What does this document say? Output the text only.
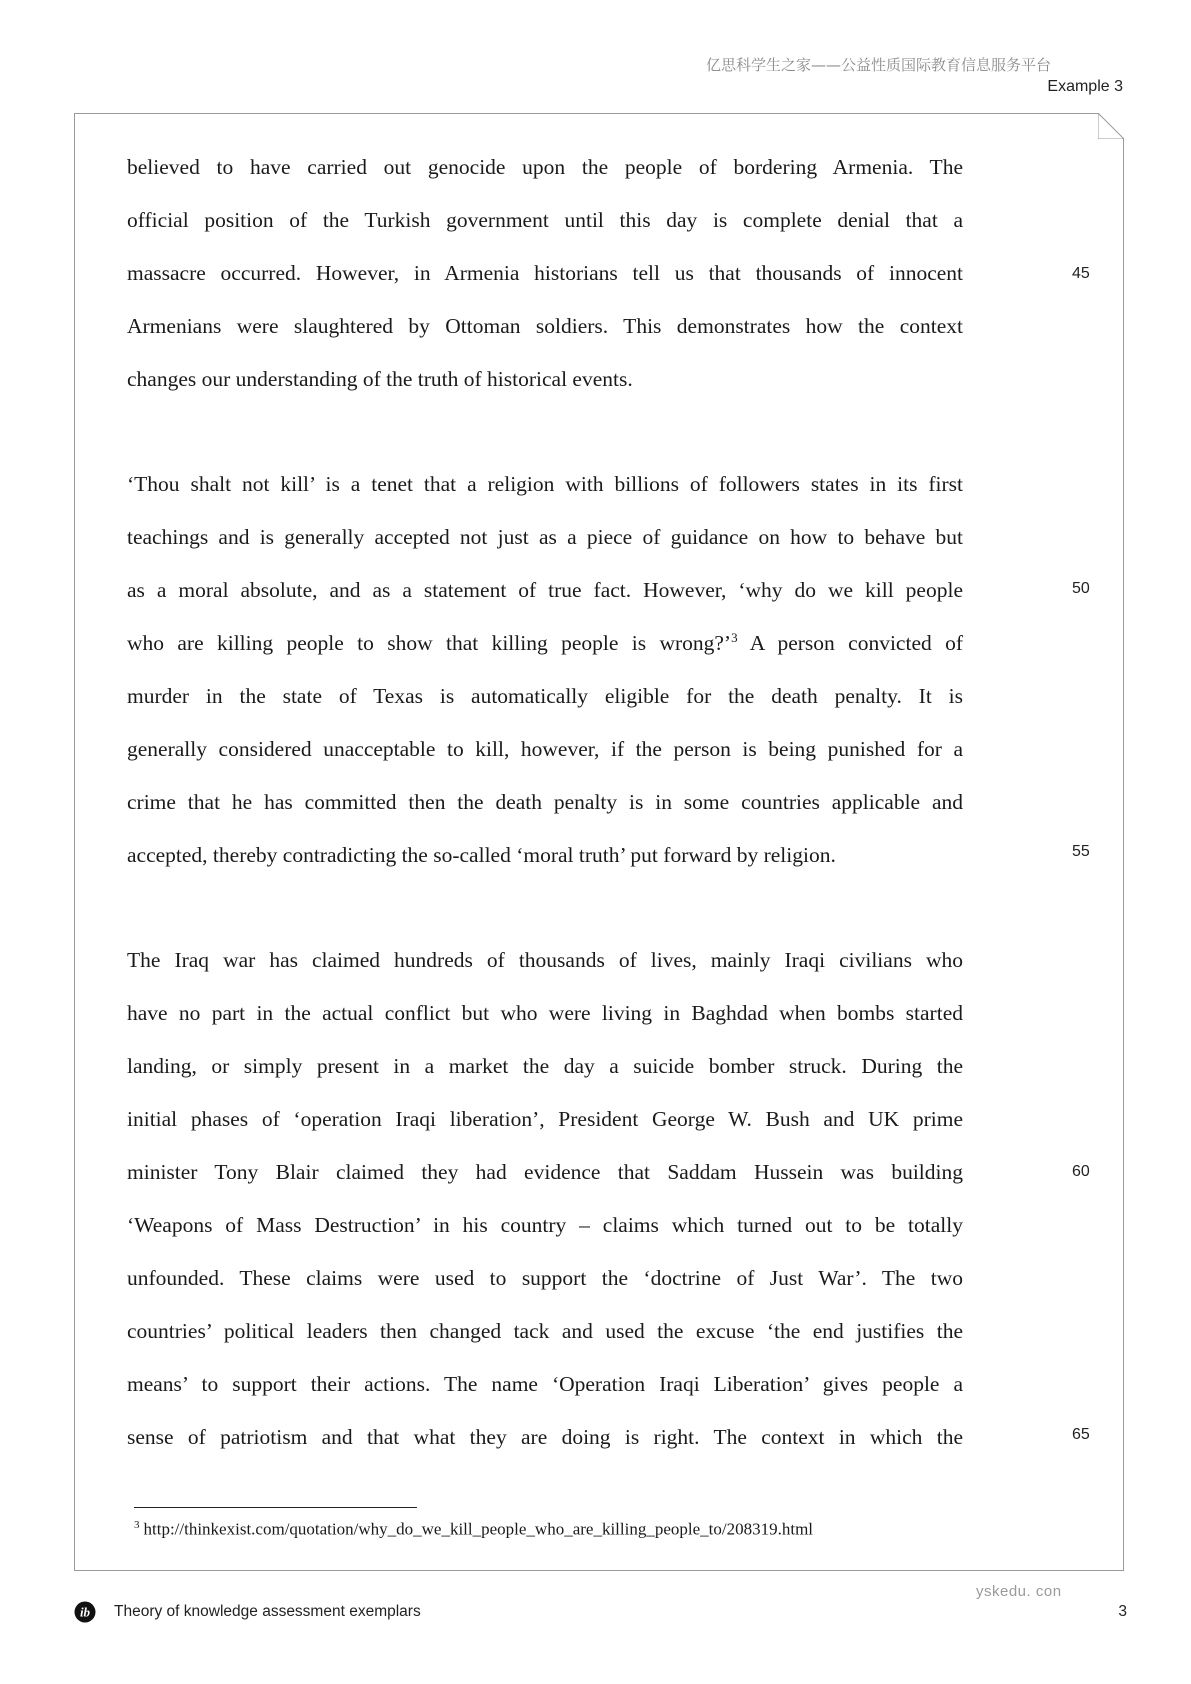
亿思科学生之家——公益性质国际教育信息服务平台
Example 3
believed to have carried out genocide upon the people of bordering Armenia. The
official position of the Turkish government until this day is complete denial that a
massacre occurred. However, in Armenia historians tell us that thousands of innocent
Armenians were slaughtered by Ottoman soldiers. This demonstrates how the context
changes our understanding of the truth of historical events.
‘Thou shalt not kill’ is a tenet that a religion with billions of followers states in its first
teachings and is generally accepted not just as a piece of guidance on how to behave but
as a moral absolute, and as a statement of true fact. However, ‘why do we kill people
who are killing people to show that killing people is wrong?’$^3$ A person convicted of
murder in the state of Texas is automatically eligible for the death penalty. It is
generally considered unacceptable to kill, however, if the person is being punished for a
crime that he has committed then the death penalty is in some countries applicable and
accepted, thereby contradicting the so-called ‘moral truth’ put forward by religion.
The Iraq war has claimed hundreds of thousands of lives, mainly Iraqi civilians who
have no part in the actual conflict but who were living in Baghdad when bombs started
landing, or simply present in a market the day a suicide bomber struck. During the
initial phases of ‘operation Iraqi liberation’, President George W. Bush and UK prime
minister Tony Blair claimed they had evidence that Saddam Hussein was building
‘Weapons of Mass Destruction’ in his country – claims which turned out to be totally
unfounded. These claims were used to support the ‘doctrine of Just War’. The two
countries’ political leaders then changed tack and used the excuse ‘the end justifies the
means’ to support their actions. The name ‘Operation Iraqi Liberation’ gives people a
sense of patriotism and that what they are doing is right. The context in which the
45
50
55
60
65
$^3$ http://thinkexist.com/quotation/why_do_we_kill_people_who_are_killing_people_to/208319.html
yskedu. con
ib Theory of knowledge assessment exemplars	3
